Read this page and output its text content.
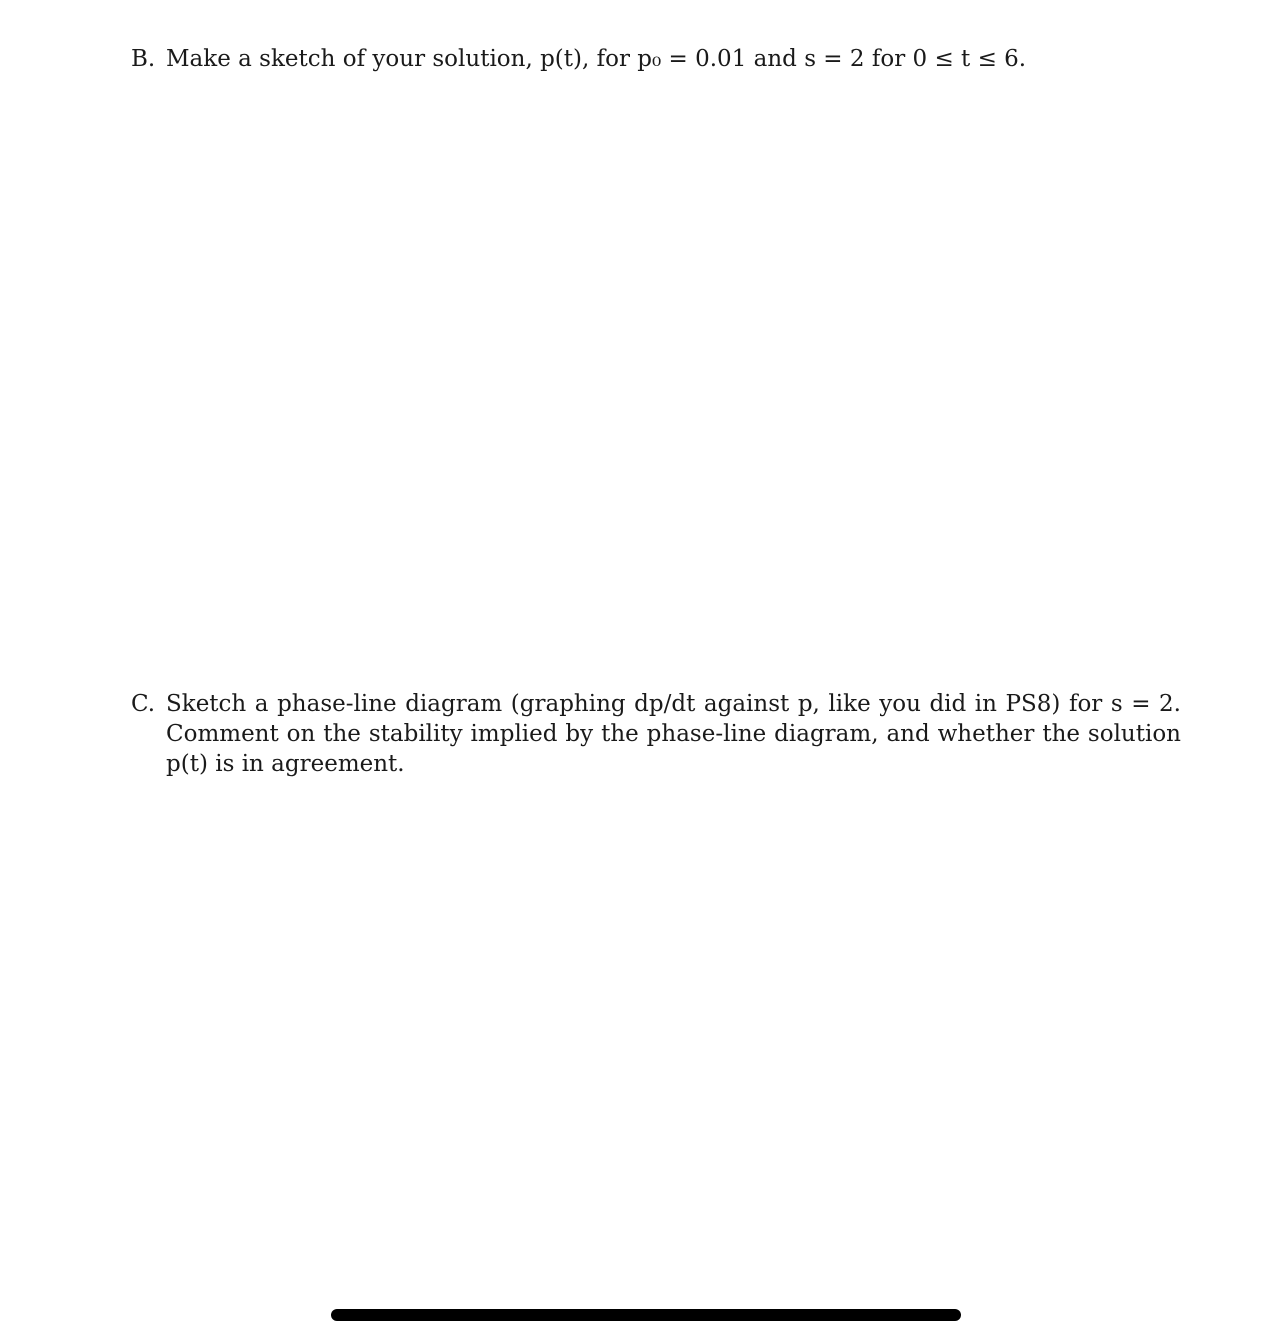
B. Make a sketch of your solution, p(t), for p₀ = 0.01 and s = 2 for 0 ≤ t ≤ 6.
C. Sketch a phase-line diagram (graphing dp/dt against p, like you did in PS8) for s = 2. Comment on the stability implied by the phase-line diagram, and whether the solution p(t) is in agreement.
